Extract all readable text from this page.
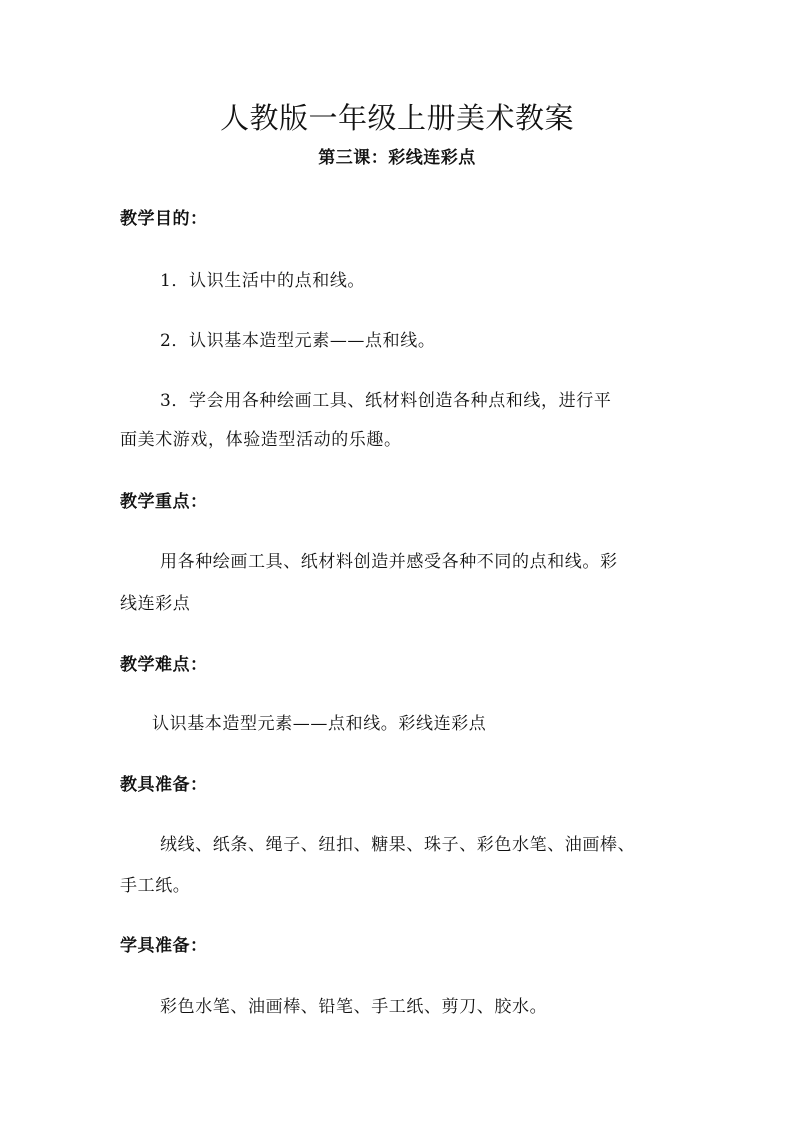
人教版一年级上册美术教案
第三课：彩线连彩点
教学目的：
1．认识生活中的点和线。
2．认识基本造型元素——点和线。
3．学会用各种绘画工具、纸材料创造各种点和线，进行平
面美术游戏，体验造型活动的乐趣。
教学重点：
用各种绘画工具、纸材料创造并感受各种不同的点和线。彩
线连彩点
教学难点：
认识基本造型元素——点和线。彩线连彩点
教具准备：
绒线、纸条、绳子、纽扣、糖果、珠子、彩色水笔、油画棒、
手工纸。
学具准备：
彩色水笔、油画棒、铅笔、手工纸、剪刀、胶水。
